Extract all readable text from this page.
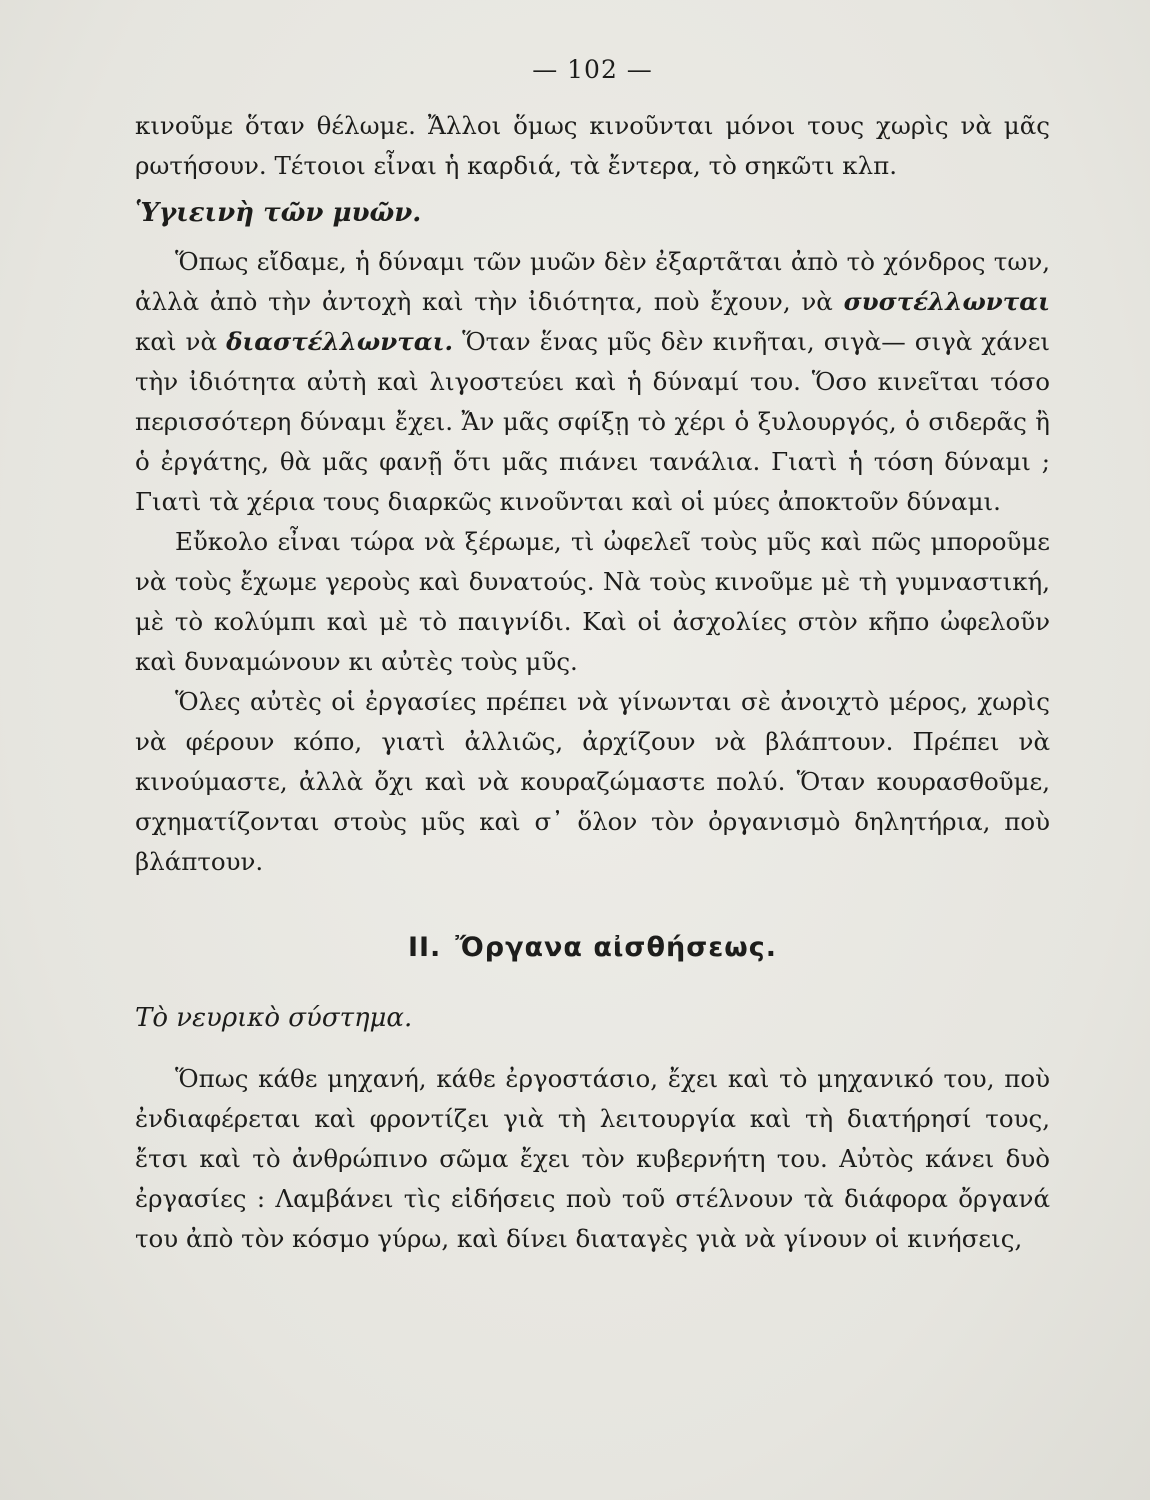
— 102 —

κινοῦμε ὅταν θέλωμε. Ἄλλοι ὅμως κινοῦνται μόνοι τους χωρὶς νὰ μᾶς ρωτήσουν. Τέτοιοι εἶναι ἡ καρδιά, τὰ ἔντερα, τὸ σηκῶτι κλπ.

Ὑγιεινὴ τῶν μυῶν.

Ὅπως εἴδαμε, ἡ δύναμι τῶν μυῶν δὲν ἐξαρτᾶται ἀπὸ τὸ χόνδρος των, ἀλλὰ ἀπὸ τὴν ἀντοχὴ καὶ τὴν ἰδιότητα, ποὺ ἔχουν, νὰ συστέλλωνται καὶ νὰ διαστέλλωνται. Ὅταν ἕνας μῦς δὲν κινῆται, σιγὰ— σιγὰ χάνει τὴν ἰδιότητα αὐτὴ καὶ λιγοστεύει καὶ ἡ δύναμί του. Ὅσο κινεῖται τόσο περισσότερη δύναμι ἔχει. Ἄν μᾶς σφίξῃ τὸ χέρι ὁ ξυλουργός, ὁ σιδερᾶς ἢ ὁ ἐργάτης, θὰ μᾶς φανῇ ὅτι μᾶς πιάνει τανάλια. Γιατὶ ἡ τόση δύναμι ; Γιατὶ τὰ χέρια τους διαρκῶς κινοῦνται καὶ οἱ μύες ἀποκτοῦν δύναμι.

Εὔκολο εἶναι τώρα νὰ ξέρωμε, τὶ ὠφελεῖ τοὺς μῦς καὶ πῶς μποροῦμε νὰ τοὺς ἔχωμε γεροὺς καὶ δυνατούς. Νὰ τοὺς κινοῦμε μὲ τὴ γυμναστική, μὲ τὸ κολύμπι καὶ μὲ τὸ παιγνίδι. Καὶ οἱ ἀσχολίες στὸν κῆπο ὠφελοῦν καὶ δυναμώνουν κι αὐτὲς τοὺς μῦς.

Ὅλες αὐτὲς οἱ ἐργασίες πρέπει νὰ γίνωνται σὲ ἀνοιχτὸ μέρος, χωρὶς νὰ φέρουν κόπο, γιατὶ ἀλλιῶς, ἀρχίζουν νὰ βλάπτουν. Πρέπει νὰ κινούμαστε, ἀλλὰ ὄχι καὶ νὰ κουραζώμαστε πολύ. Ὅταν κουρασθοῦμε, σχηματίζονται στοὺς μῦς καὶ σ᾽ ὅλον τὸν ὀργανισμὸ δηλητήρια, ποὺ βλάπτουν.

II. Ὄργανα αἰσθήσεως.
Τὸ νευρικὸ σύστημα.

Ὅπως κάθε μηχανή, κάθε ἐργοστάσιο, ἔχει καὶ τὸ μηχανικό του, ποὺ ἐνδιαφέρεται καὶ φροντίζει γιὰ τὴ λειτουργία καὶ τὴ διατήρησί τους, ἔτσι καὶ τὸ ἀνθρώπινο σῶμα ἔχει τὸν κυβερνήτη του. Αὐτὸς κάνει δυὸ ἐργασίες : Λαμβάνει τὶς εἰδήσεις ποὺ τοῦ στέλνουν τὰ διάφορα ὄργανά του ἀπὸ τὸν κόσμο γύρω, καὶ δίνει διαταγὲς γιὰ νὰ γίνουν οἱ κινήσεις,
